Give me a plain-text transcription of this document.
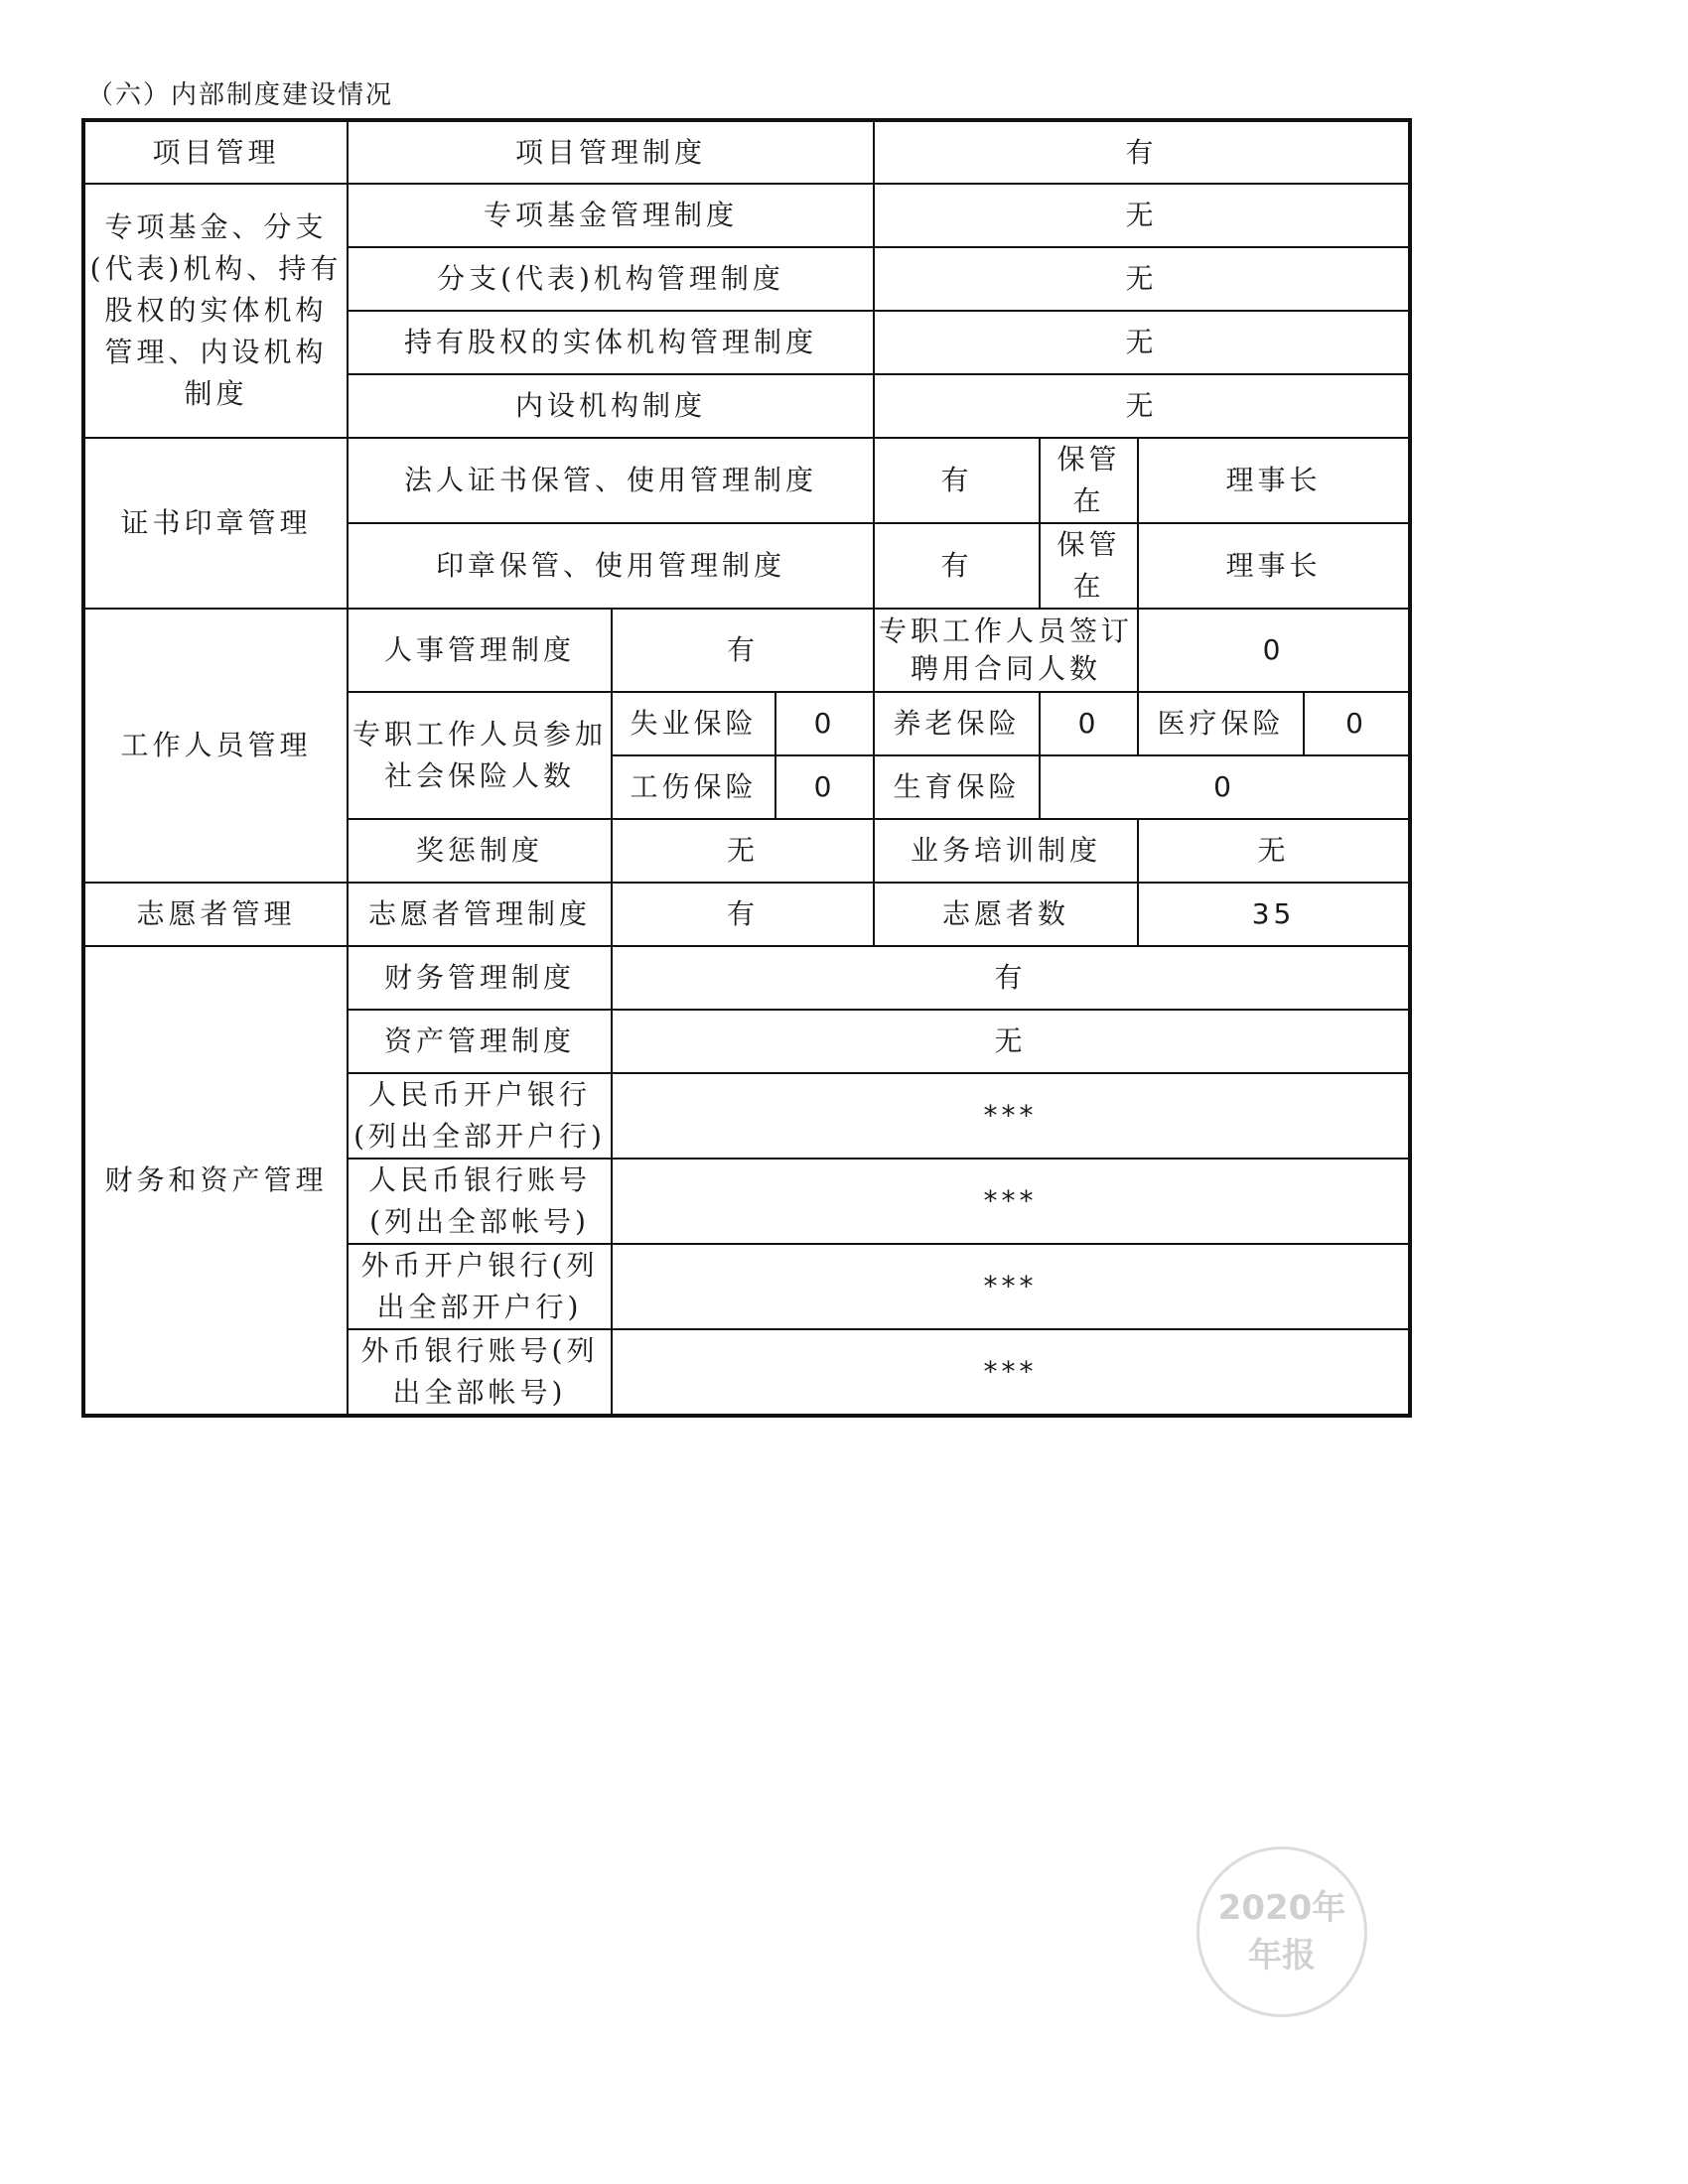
（六）内部制度建设情况
项目管理	项目管理制度			有			
专项基金、分支(代表)机构、持有股权的实体机构管理、内设机构制度	专项基金管理制度			无			
	分支(代表)机构管理制度			无			
	持有股权的实体机构管理制度			无			
	内设机构制度			无			
证书印章管理	法人证书保管、使用管理制度			有	保管在	理事长	
	印章保管、使用管理制度			有	保管在	理事长	
工作人员管理	人事管理制度	有		专职工作人员签订聘用合同人数		0	
	专职工作人员参加社会保险人数	失业保险	0	养老保险	0	医疗保险	0
		工伤保险	0	生育保险	0		
	奖惩制度	无		业务培训制度		无	
志愿者管理	志愿者管理制度	有		志愿者数		35	
财务和资产管理	财务管理制度	有					
	资产管理制度	无					
	人民币开户银行(列出全部开户行)	***					
	人民币银行账号(列出全部帐号)	***					
	外币开户银行(列出全部开户行)	***					
	外币银行账号(列出全部帐号)	***					
2020年
年报
